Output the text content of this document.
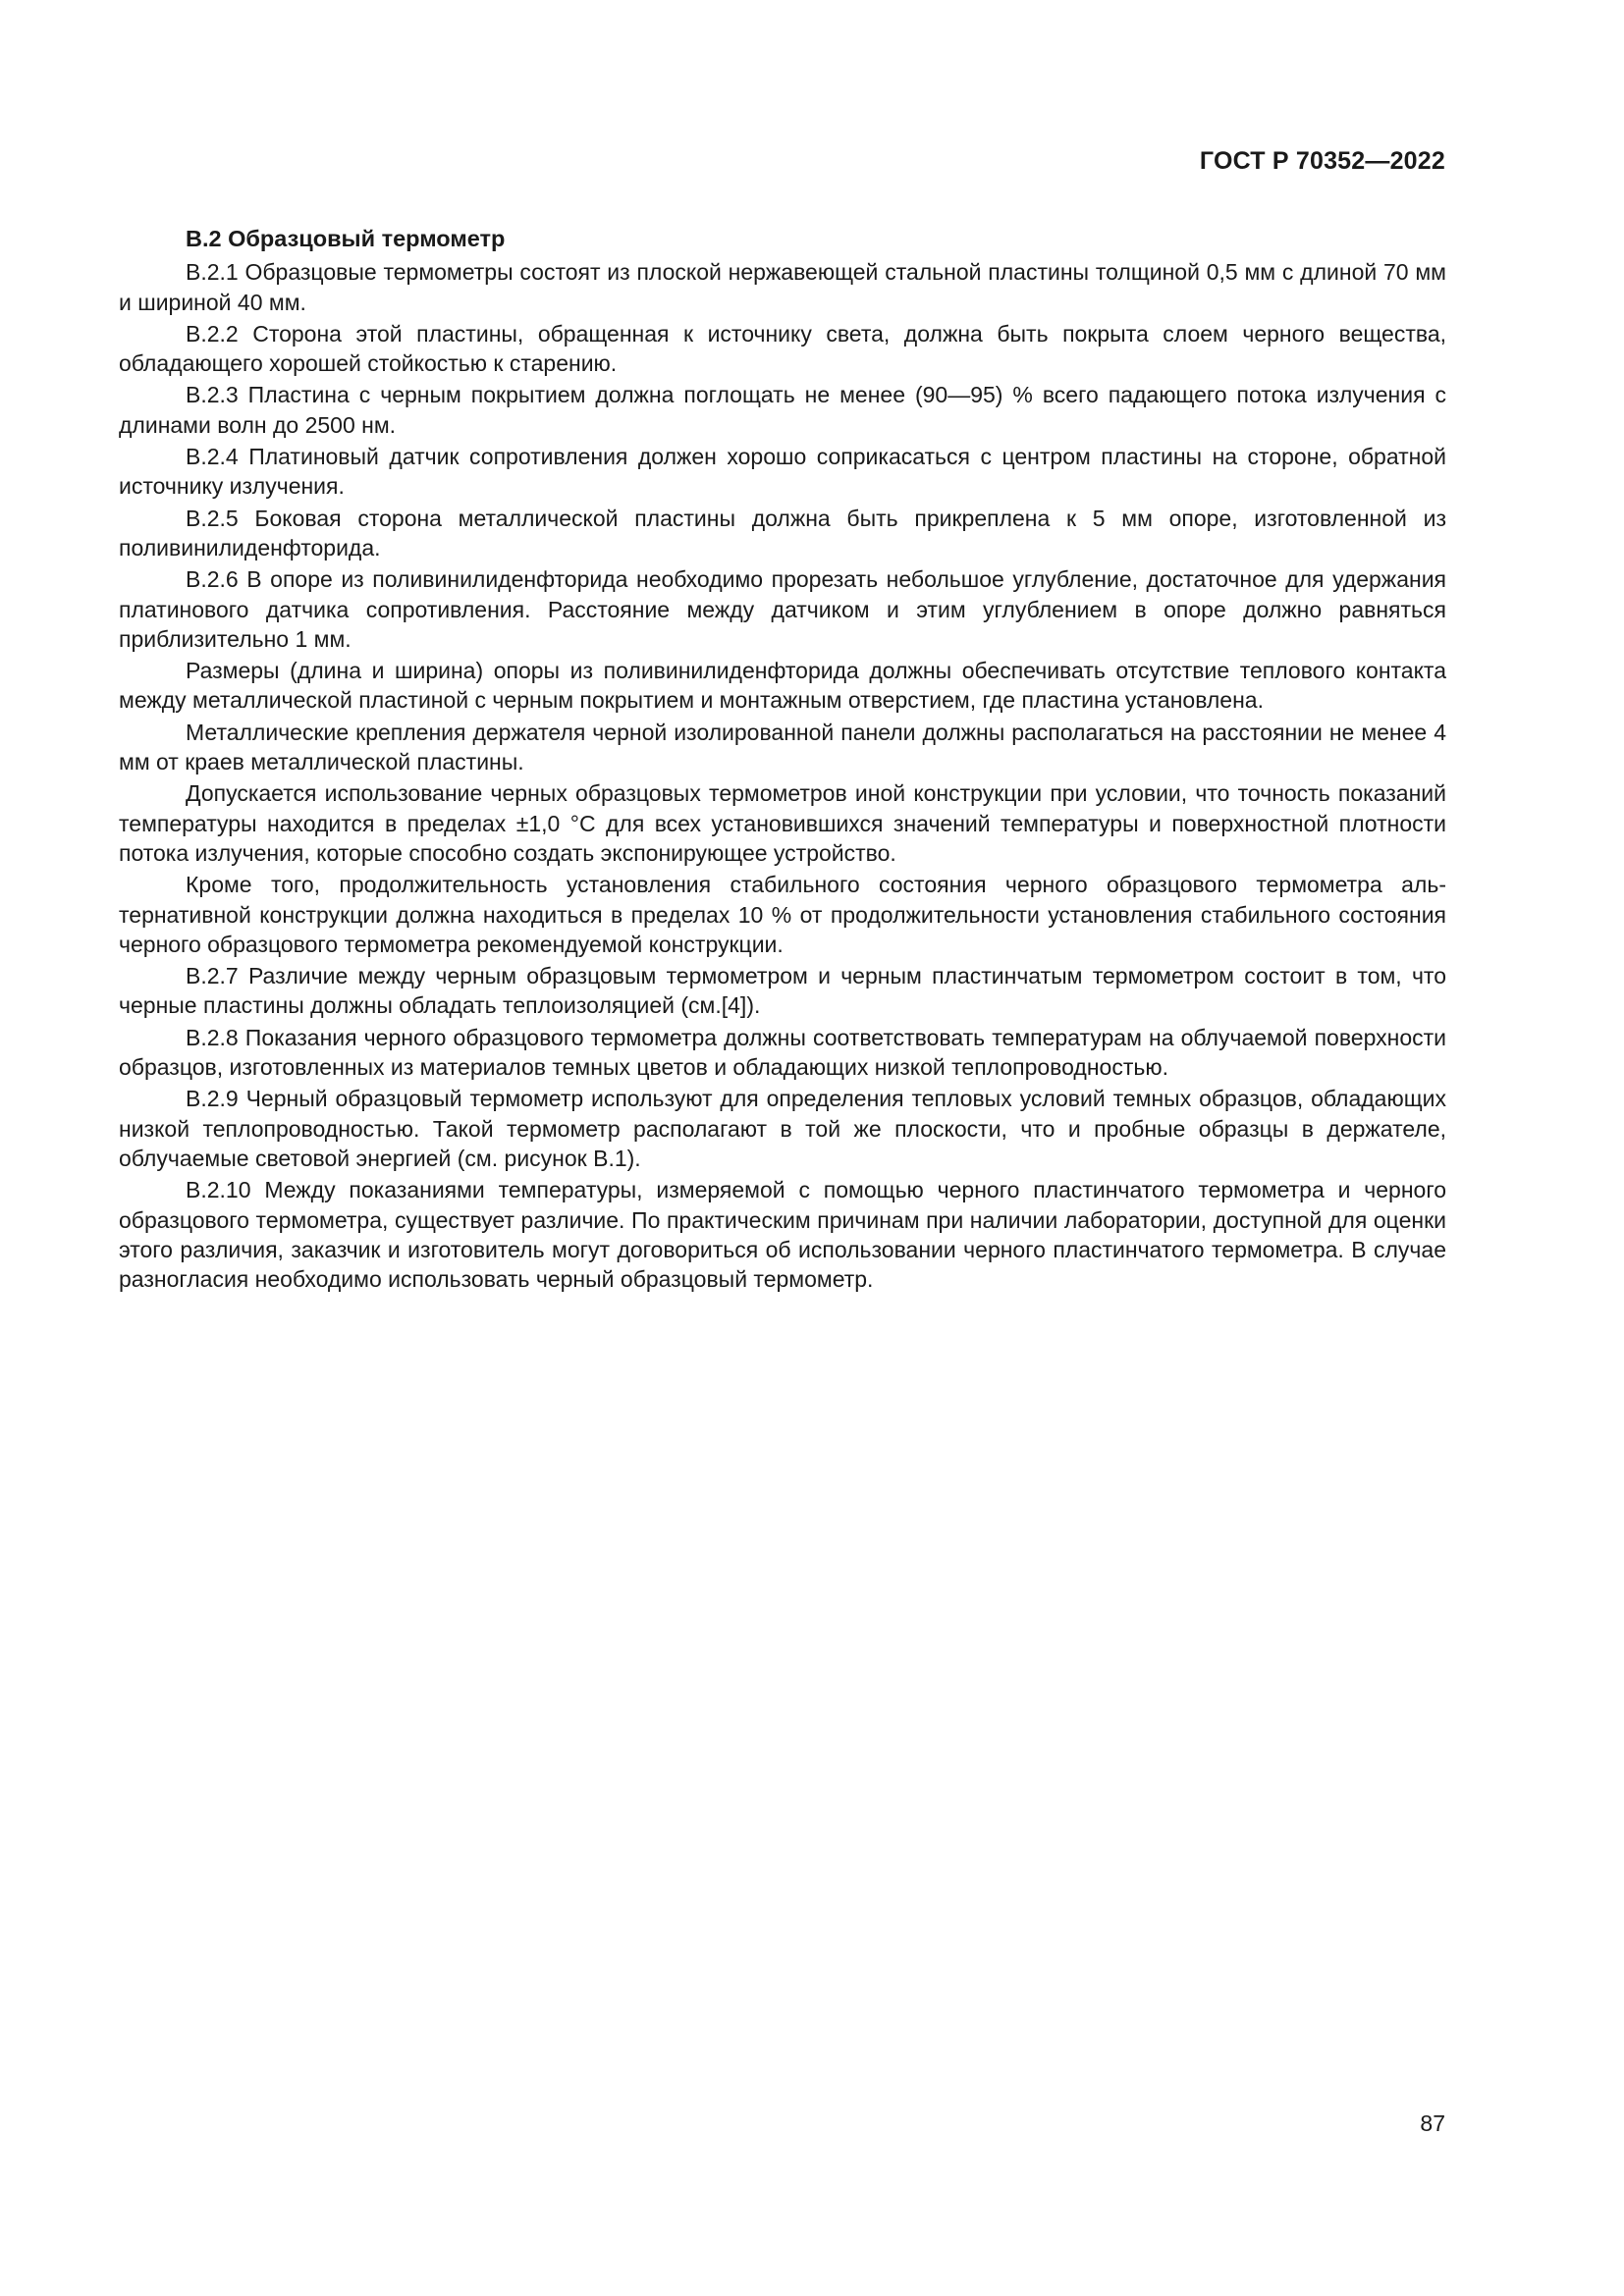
ГОСТ Р 70352—2022
В.2 Образцовый термометр

В.2.1 Образцовые термометры состоят из плоской нержавеющей стальной пластины толщиной 0,5 мм с длиной 70 мм и шириной 40 мм.

В.2.2 Сторона этой пластины, обращенная к источнику света, должна быть покрыта слоем черного вещества, обладающего хорошей стойкостью к старению.

В.2.3 Пластина с черным покрытием должна поглощать не менее (90—95) % всего падающего потока излучения с длинами волн до 2500 нм.

В.2.4 Платиновый датчик сопротивления должен хорошо соприкасаться с центром пластины на стороне, обратной источнику излучения.

В.2.5 Боковая сторона металлической пластины должна быть прикреплена к 5 мм опоре, изготовленной из поливинилиденфторида.

В.2.6 В опоре из поливинилиденфторида необходимо прорезать небольшое углубление, достаточное для удержания платинового датчика сопротивления. Расстояние между датчиком и этим углублением в опоре должно равняться приблизительно 1 мм.

Размеры (длина и ширина) опоры из поливинилиденфторида должны обеспечивать отсутствие теплового контакта между металлической пластиной с черным покрытием и монтажным отверстием, где пластина установлена.

Металлические крепления держателя черной изолированной панели должны располагаться на расстоянии не менее 4 мм от краев металлической пластины.

Допускается использование черных образцовых термометров иной конструкции при условии, что точность показаний температуры находится в пределах ±1,0 °С для всех установившихся значений температуры и поверхностной плотности потока излучения, которые способно создать экспонирующее устройство.

Кроме того, продолжительность установления стабильного состояния черного образцового термометра альтернативной конструкции должна находиться в пределах 10 % от продолжительности установления стабильного состояния черного образцового термометра рекомендуемой конструкции.

В.2.7 Различие между черным образцовым термометром и черным пластинчатым термометром состоит в том, что черные пластины должны обладать теплоизоляцией (см.[4]).

В.2.8 Показания черного образцового термометра должны соответствовать температурам на облучаемой поверхности образцов, изготовленных из материалов темных цветов и обладающих низкой теплопроводностью.

В.2.9 Черный образцовый термометр используют для определения тепловых условий темных образцов, обладающих низкой теплопроводностью. Такой термометр располагают в той же плоскости, что и пробные образцы в держателе, облучаемые световой энергией (см. рисунок В.1).

В.2.10 Между показаниями температуры, измеряемой с помощью черного пластинчатого термометра и черного образцового термометра, существует различие. По практическим причинам при наличии лаборатории, доступной для оценки этого различия, заказчик и изготовитель могут договориться об использовании черного пластинчатого термометра. В случае разногласия необходимо использовать черный образцовый термометр.

87
